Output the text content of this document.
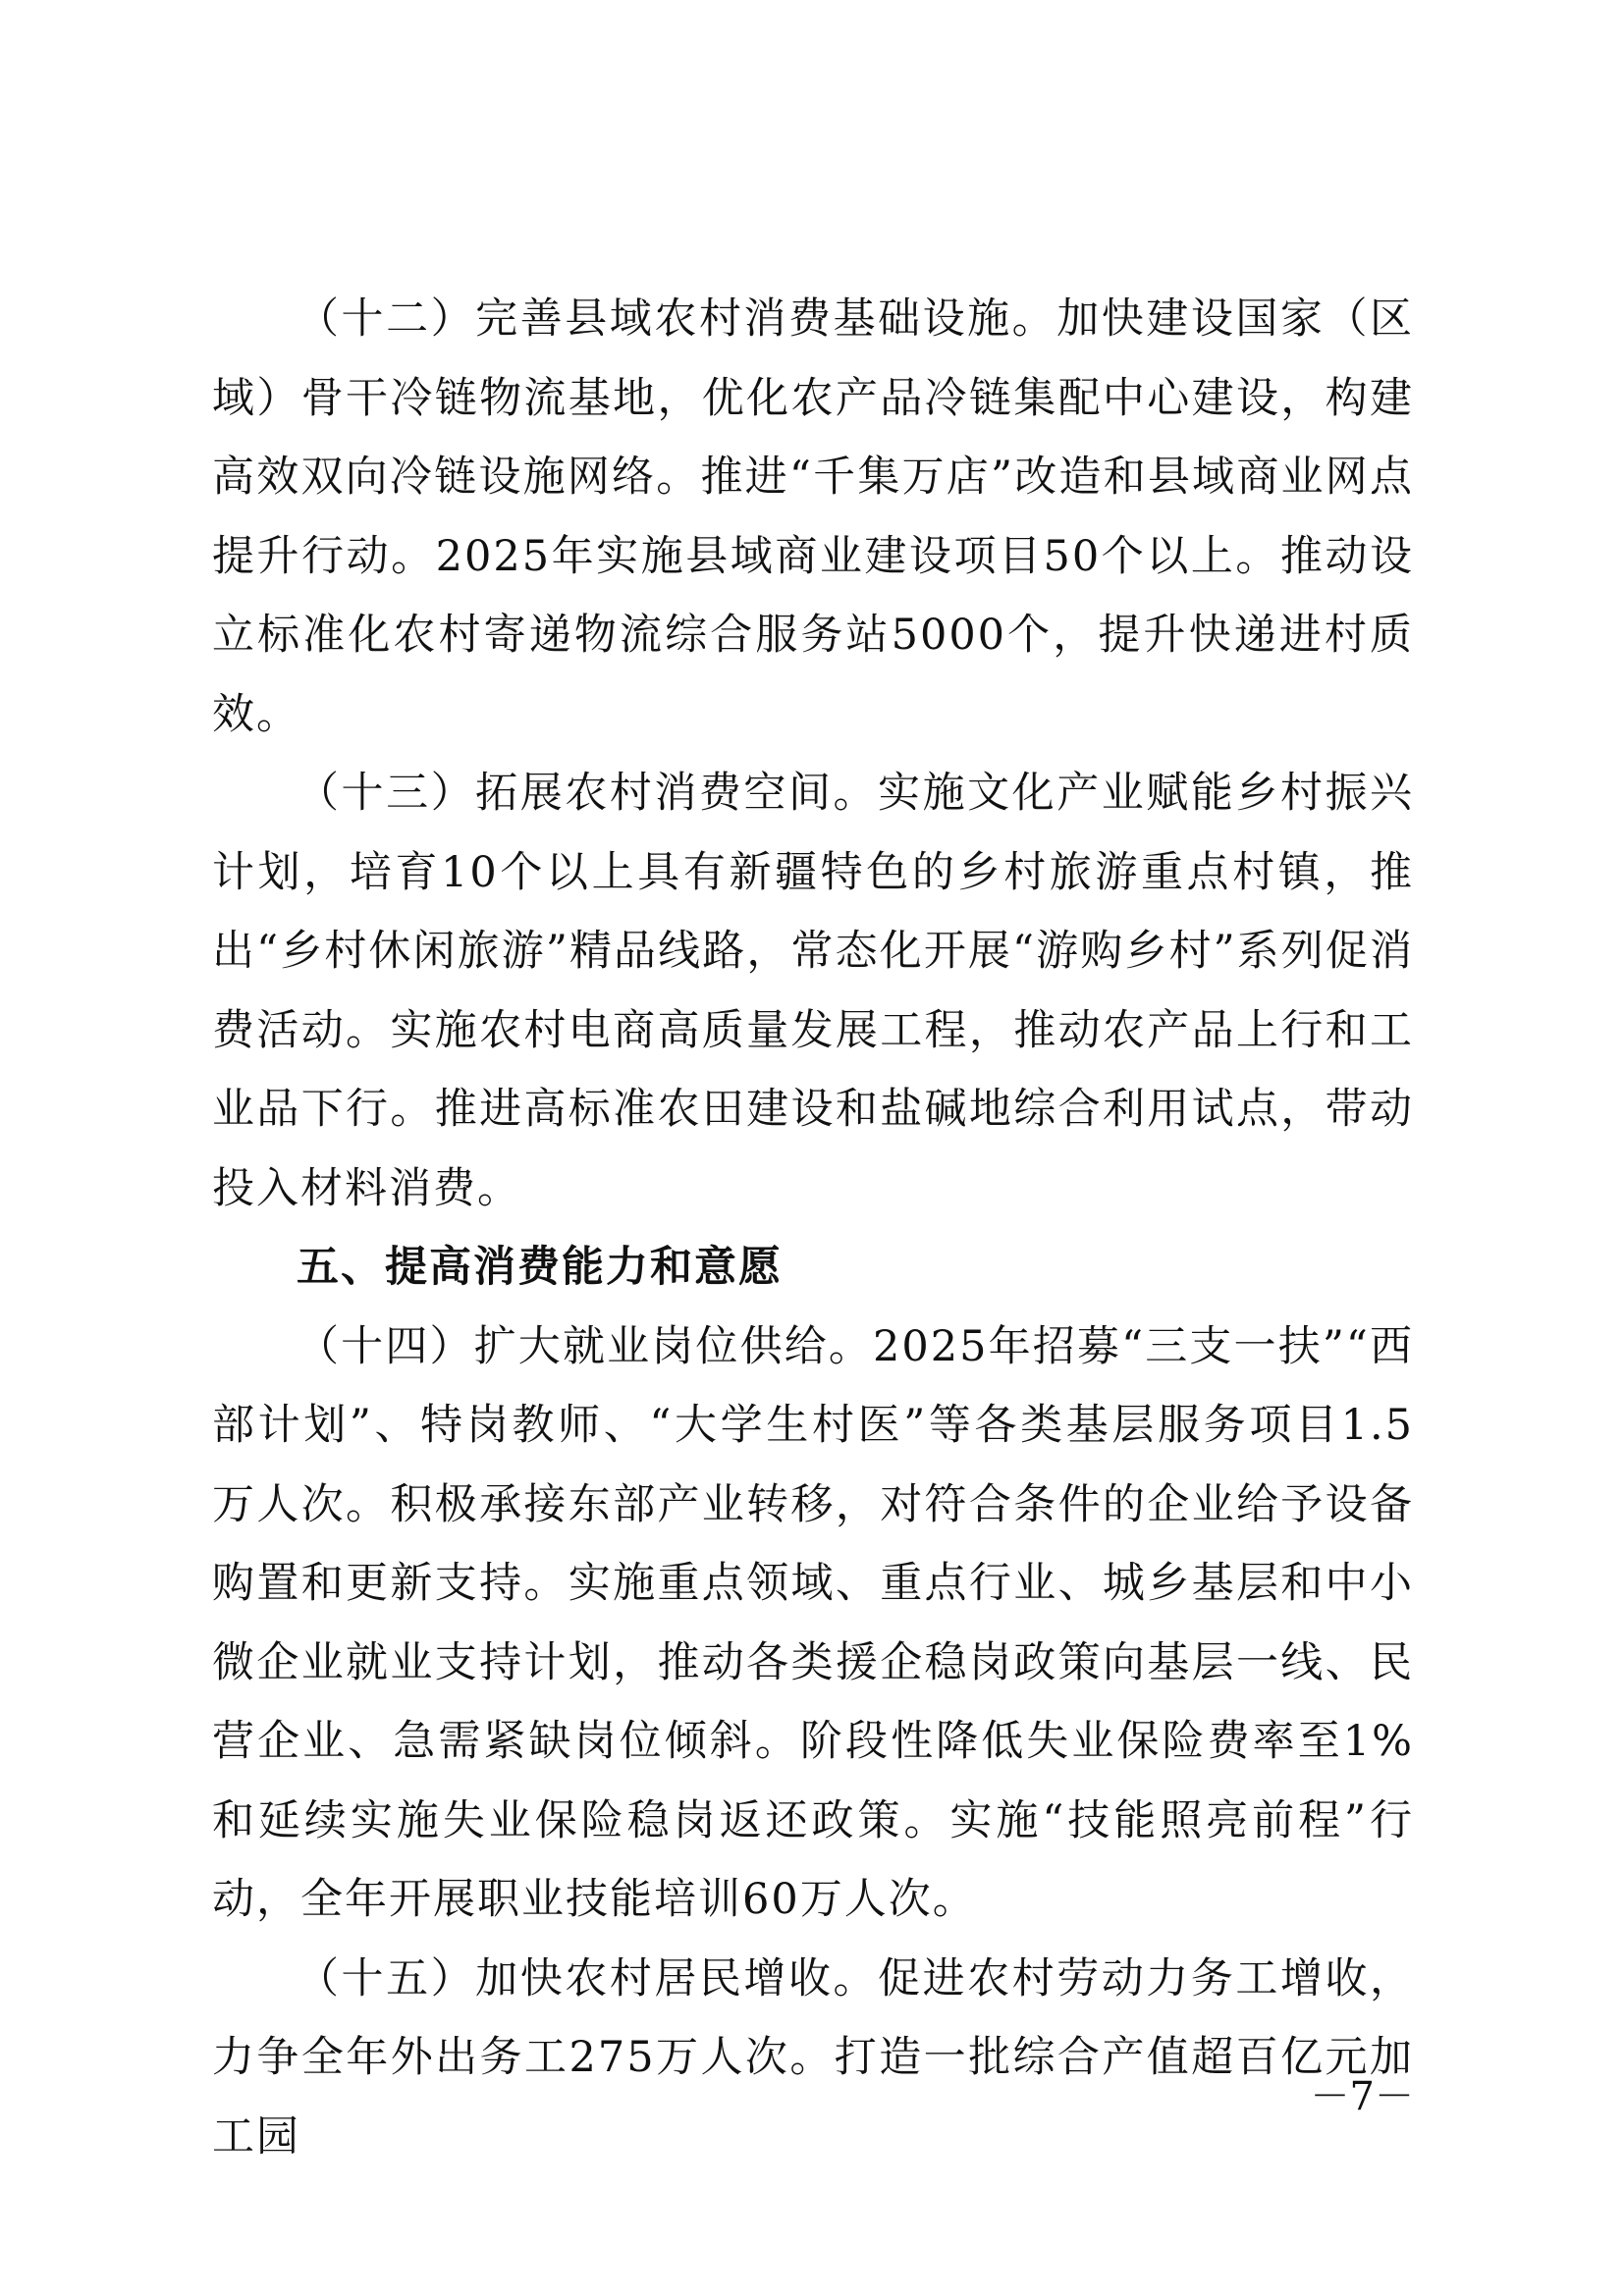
（十二）完善县域农村消费基础设施。加快建设国家（区域）骨干冷链物流基地，优化农产品冷链集配中心建设，构建高效双向冷链设施网络。推进“千集万店”改造和县域商业网点提升行动。2025年实施县域商业建设项目50个以上。推动设立标准化农村寄递物流综合服务站5000个，提升快递进村质效。

（十三）拓展农村消费空间。实施文化产业赋能乡村振兴计划，培育10个以上具有新疆特色的乡村旅游重点村镇，推出“乡村休闲旅游”精品线路，常态化开展“游购乡村”系列促消费活动。实施农村电商高质量发展工程，推动农产品上行和工业品下行。推进高标准农田建设和盐碱地综合利用试点，带动投入材料消费。

五、提高消费能力和意愿

（十四）扩大就业岗位供给。2025年招募“三支一扶”“西部计划”、特岗教师、“大学生村医”等各类基层服务项目1.5万人次。积极承接东部产业转移，对符合条件的企业给予设备购置和更新支持。实施重点领域、重点行业、城乡基层和中小微企业就业支持计划，推动各类援企稳岗政策向基层一线、民营企业、急需紧缺岗位倾斜。阶段性降低失业保险费率至1%和延续实施失业保险稳岗返还政策。实施“技能照亮前程”行动，全年开展职业技能培训60万人次。

（十五）加快农村居民增收。促进农村劳动力务工增收，力争全年外出务工275万人次。打造一批综合产值超百亿元加工园

－7－
